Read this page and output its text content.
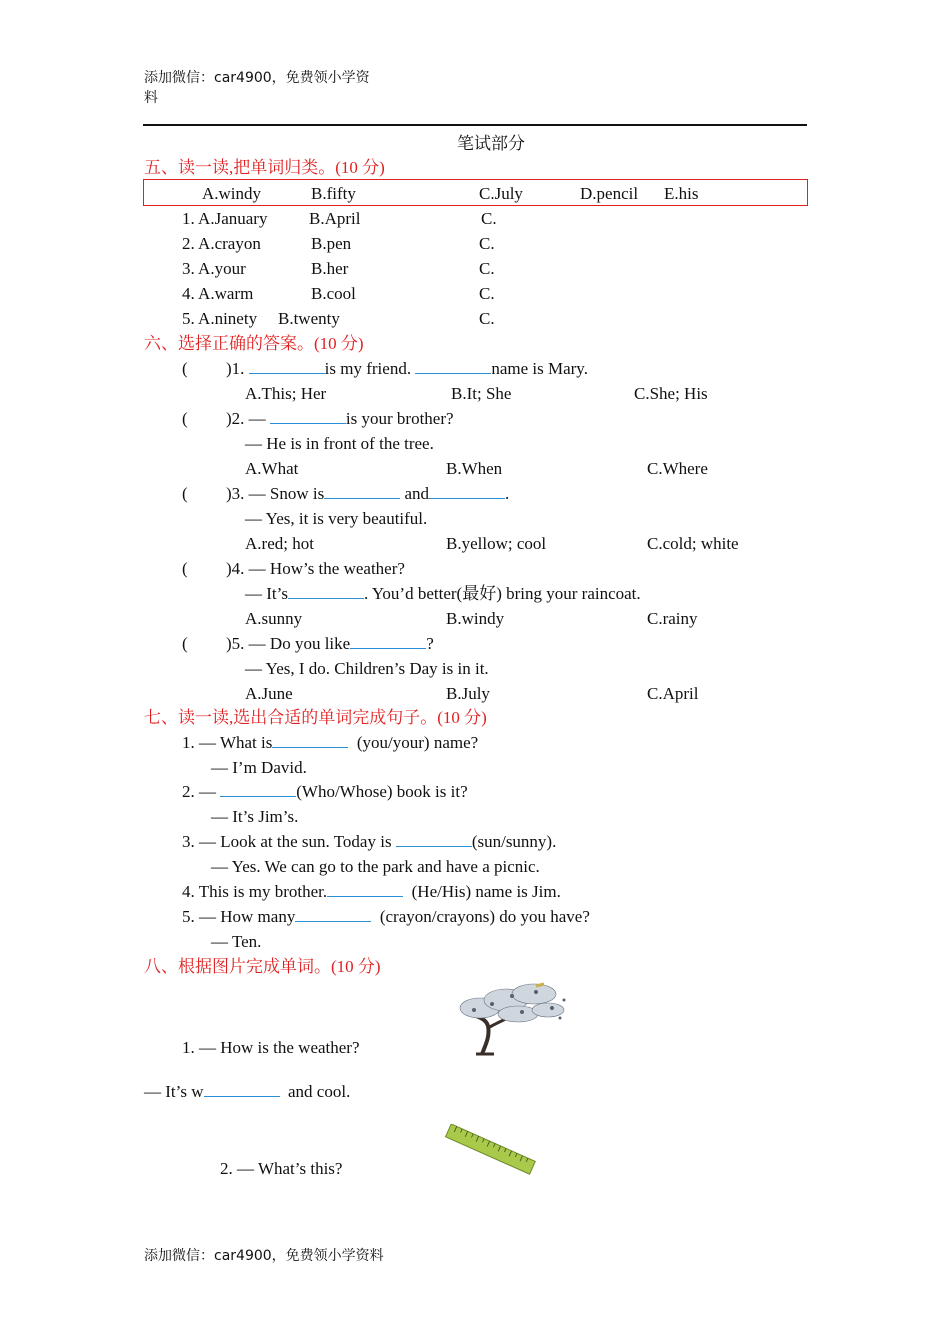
添加微信：car4900，免费领小学资
料
笔试部分
五、读一读,把单词归类。(10 分)
A.windy	B.fifty	C.July	D.pencil E.his
1. A.January B.April	C.
2. A.crayon	B.pen	C.
3. A.your	B.her	C.
4. A.warm	B.cool	C.
5. A.ninety B.twenty	C.
六、选择正确的答案。(10 分)
( )1.	is my friend.	name is Mary.
A.This; Her	B.It; She	C.She; His
( )2. —	is your brother?
— He is in front of the tree.
A.What	B.When	C.Where
( )3. — Snow is	and	.
— Yes, it is very beautiful.
A.red; hot	B.yellow; cool	C.cold; white
( )4. — How’s the weather?
— It’s	. You’d better(最好) bring your raincoat.
A.sunny	B.windy	C.rainy
( )5. — Do you like	?
— Yes, I do. Children’s Day is in it.
A.June	B.July	C.April
七、读一读,选出合适的单词完成句子。(10 分)
1. — What is	(you/your) name?
— I’m David.
2. —	(Who/Whose) book is it?
— It’s Jim’s.
3. — Look at the sun. Today is	(sun/sunny).
— Yes. We can go to the park and have a picnic.
4. This is my brother.	(He/His) name is Jim.
5. — How many	(crayon/crayons) do you have?
— Ten.
八、根据图片完成单词。(10 分)
1. — How is the weather?
— It’s w	and cool.
2. — What’s this?
添加微信：car4900，免费领小学资料
